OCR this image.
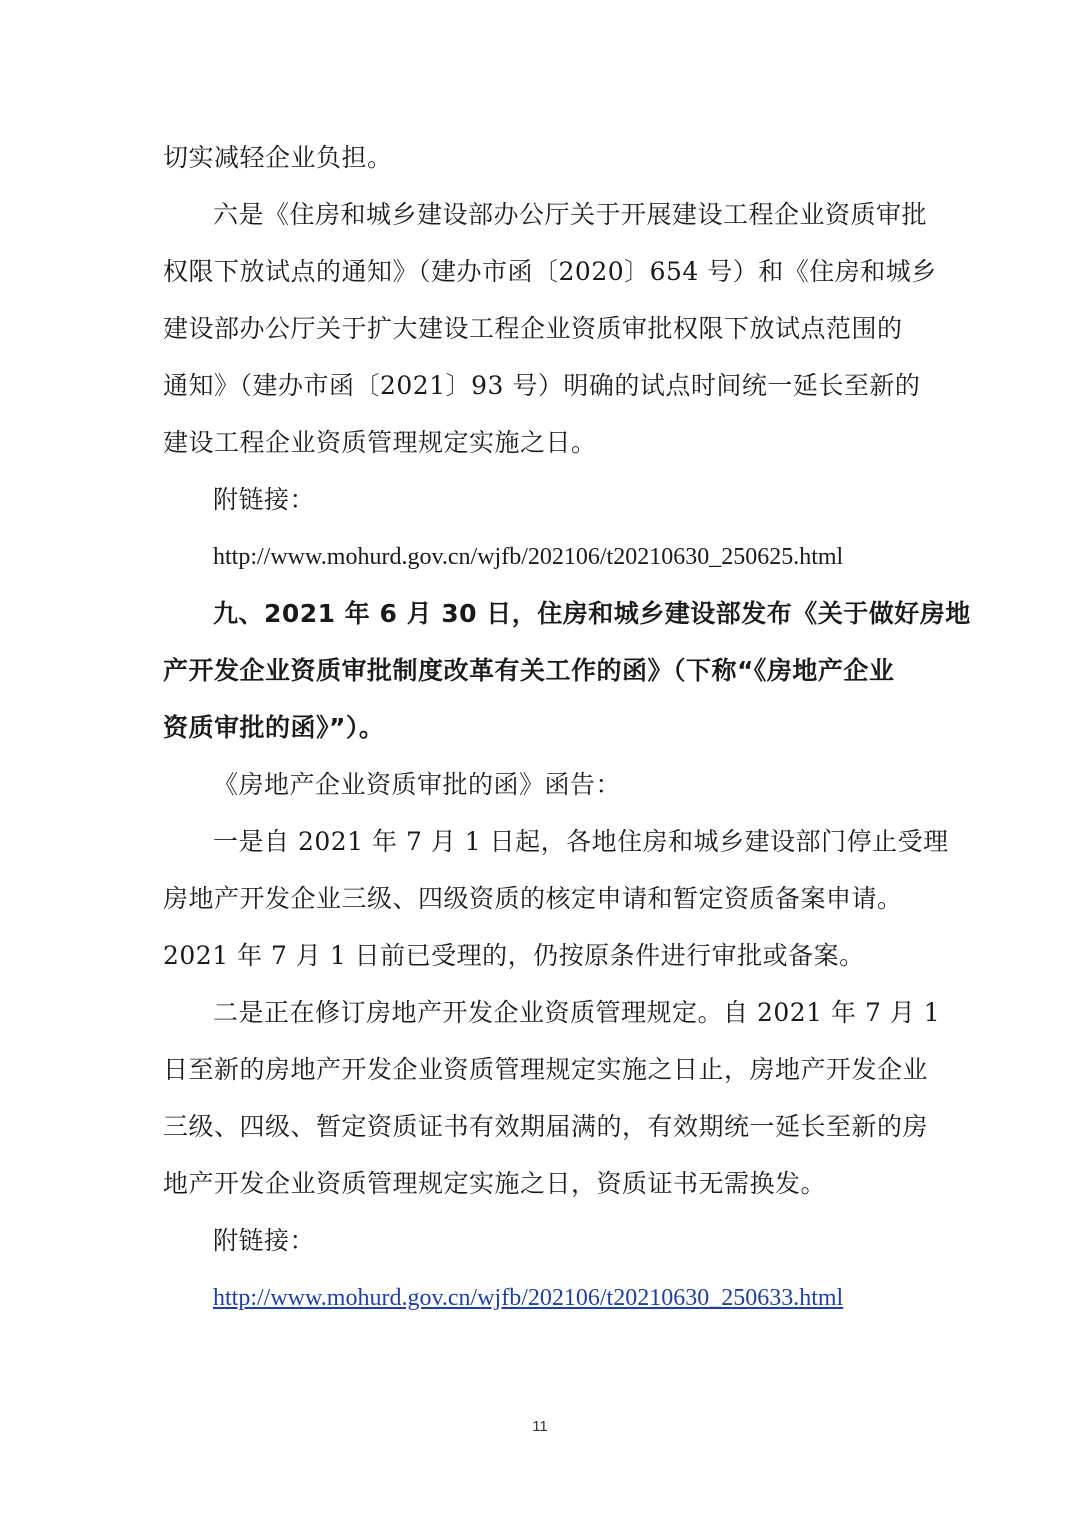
切实减轻企业负担。
六是《住房和城乡建设部办公厅关于开展建设工程企业资质审批
权限下放试点的通知》（建办市函〔2020〕654 号）和《住房和城乡
建设部办公厅关于扩大建设工程企业资质审批权限下放试点范围的
通知》（建办市函〔2021〕93 号）明确的试点时间统一延长至新的
建设工程企业资质管理规定实施之日。
附链接：
http://www.mohurd.gov.cn/wjfb/202106/t20210630_250625.html
九、2021 年 6 月 30 日，住房和城乡建设部发布《关于做好房地
产开发企业资质审批制度改革有关工作的函》（下称“《房地产企业
资质审批的函》”）。
《房地产企业资质审批的函》函告：
一是自 2021 年 7 月 1 日起，各地住房和城乡建设部门停止受理
房地产开发企业三级、四级资质的核定申请和暂定资质备案申请。
2021 年 7 月 1 日前已受理的，仍按原条件进行审批或备案。
二是正在修订房地产开发企业资质管理规定。自 2021 年 7 月 1
日至新的房地产开发企业资质管理规定实施之日止，房地产开发企业
三级、四级、暂定资质证书有效期届满的，有效期统一延长至新的房
地产开发企业资质管理规定实施之日，资质证书无需换发。
附链接：
http://www.mohurd.gov.cn/wjfb/202106/t20210630_250633.html
11
